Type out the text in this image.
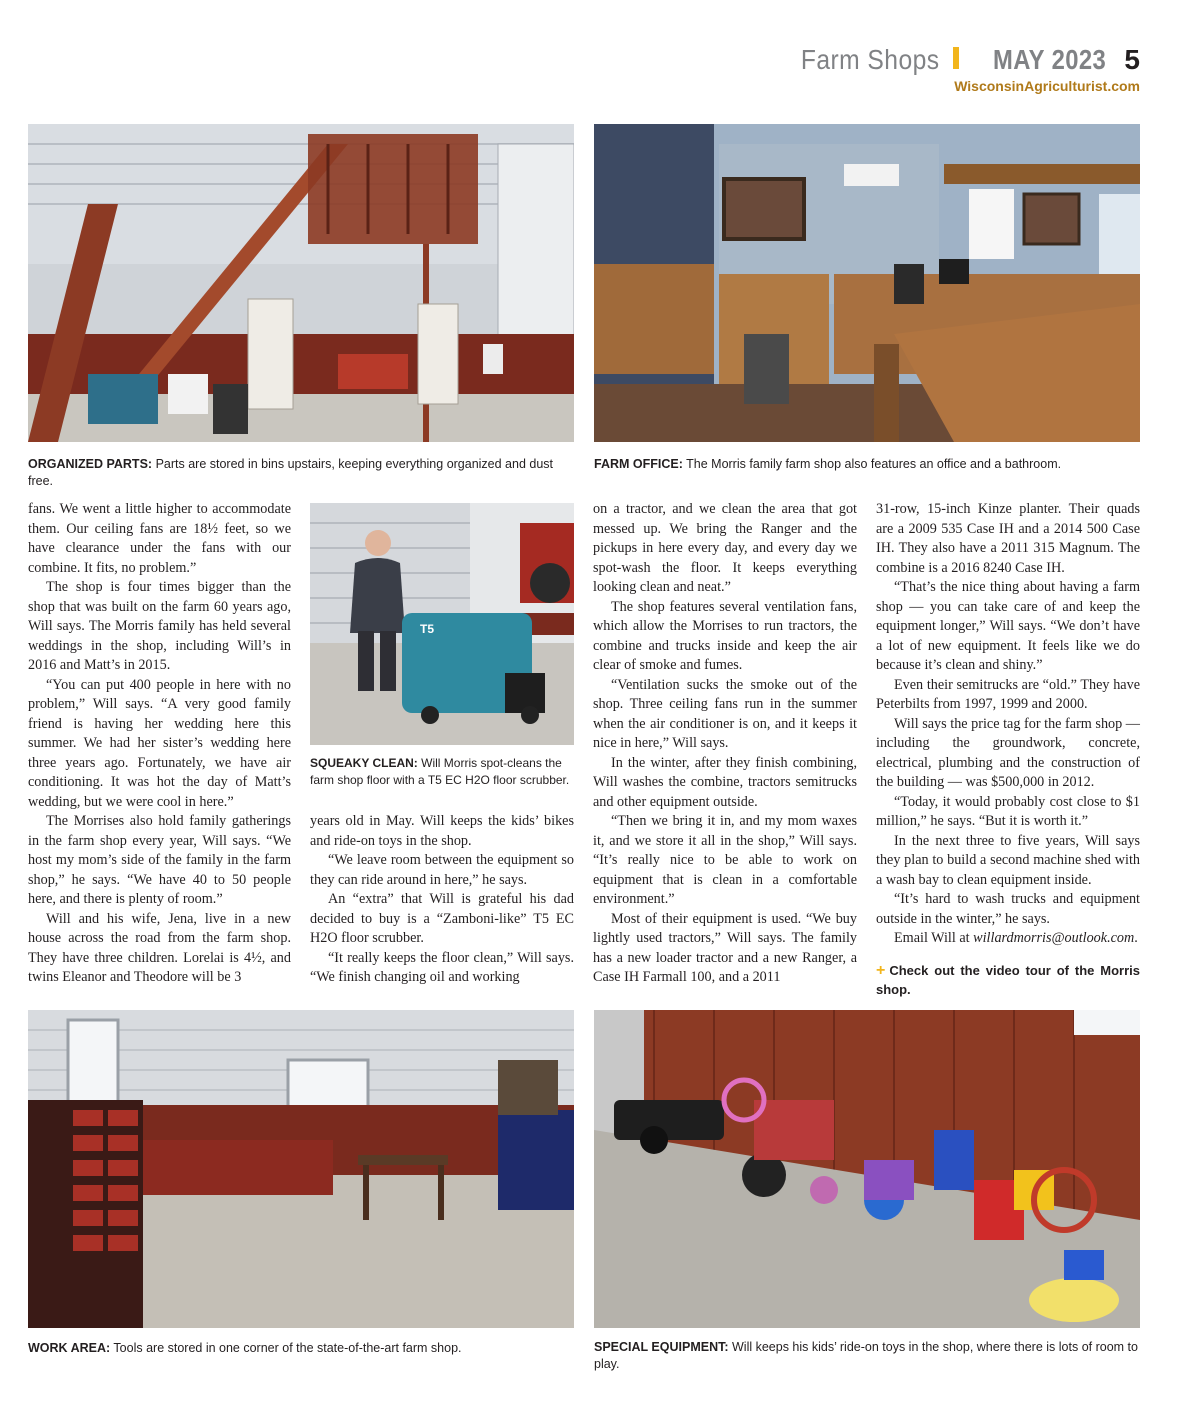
Farm Shops MAY 2023 5
WisconsinAgriculturist.com
ORGANIZED PARTS: Parts are stored in bins upstairs, keeping everything organized and dust free.
FARM OFFICE: The Morris family farm shop also features an office and a bathroom.

fans. We went a little higher to accommodate them. Our ceiling fans are 18½ feet, so we have clearance under the fans with our combine. It fits, no problem.”

The shop is four times bigger than the shop that was built on the farm 60 years ago, Will says. The Morris family has held several weddings in the shop, including Will’s in 2016 and Matt’s in 2015.

“You can put 400 people in here with no problem,” Will says. “A very good family friend is having her wedding here this summer. We had her sister’s wedding here three years ago. Fortunately, we have air conditioning. It was hot the day of Matt’s wedding, but we were cool in here.”

The Morrises also hold family gatherings in the farm shop every year, Will says. “We host my mom’s side of the family in the farm shop,” he says. “We have 40 to 50 people here, and there is plenty of room.”

Will and his wife, Jena, live in a new house across the road from the farm shop. They have three children. Lorelai is 4½, and twins Eleanor and Theodore will be 3

T5
SQUEAKY CLEAN: Will Morris spot-cleans the farm shop floor with a T5 EC H2O floor scrubber.

years old in May. Will keeps the kids’ bikes and ride-on toys in the shop.

“We leave room between the equipment so they can ride around in here,” he says.

An “extra” that Will is grateful his dad decided to buy is a “Zamboni-like” T5 EC H2O floor scrubber.

“It really keeps the floor clean,” Will says. “We finish changing oil and working

on a tractor, and we clean the area that got messed up. We bring the Ranger and the pickups in here every day, and every day we spot-wash the floor. It keeps everything looking clean and neat.”

The shop features several ventilation fans, which allow the Morrises to run tractors, the combine and trucks inside and keep the air clear of smoke and fumes.

“Ventilation sucks the smoke out of the shop. Three ceiling fans run in the summer when the air conditioner is on, and it keeps it nice in here,” Will says.

In the winter, after they finish combining, Will washes the combine, tractors semitrucks and other equipment outside.

“Then we bring it in, and my mom waxes it, and we store it all in the shop,” Will says. “It’s really nice to be able to work on equipment that is clean in a comfortable environment.”

Most of their equipment is used. “We buy lightly used tractors,” Will says. The family has a new loader tractor and a new Ranger, a Case IH Farmall 100, and a 2011

31-row, 15-inch Kinze planter. Their quads are a 2009 535 Case IH and a 2014 500 Case IH. They also have a 2011 315 Magnum. The combine is a 2016 8240 Case IH.

“That’s the nice thing about having a farm shop — you can take care of and keep the equipment longer,” Will says. “We don’t have a lot of new equipment. It feels like we do because it’s clean and shiny.”

Even their semitrucks are “old.” They have Peterbilts from 1997, 1999 and 2000.

Will says the price tag for the farm shop — including the groundwork, concrete, electrical, plumbing and the construction of the building — was $500,000 in 2012.

“Today, it would probably cost close to $1 million,” he says. “But it is worth it.”

In the next three to five years, Will says they plan to build a second machine shed with a wash bay to clean equipment inside.

“It’s hard to wash trucks and equipment outside in the winter,” he says.

Email Will at willardmorris@outlook.com.

+ Check out the video tour of the Morris shop.
WORK AREA: Tools are stored in one corner of the state-of-the-art farm shop.	SPECIAL EQUIPMENT: Will keeps his kids’ ride-on toys in the shop, where there is lots of room to play.
